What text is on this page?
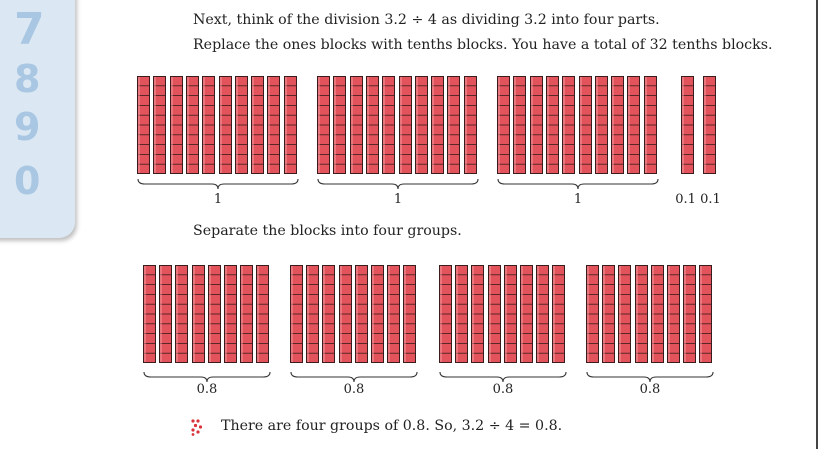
7
8
9
0
Next, think of the division 3.2 ÷ 4 as dividing 3.2 into four parts.
Replace the ones blocks with tenths blocks. You have a total of 32 tenths blocks.
1	1	1	0.1 0.1
Separate the blocks into four groups.
0.8	0.8	0.8	0.8
There are four groups of 0.8. So, 3.2 ÷ 4 = 0.8.
